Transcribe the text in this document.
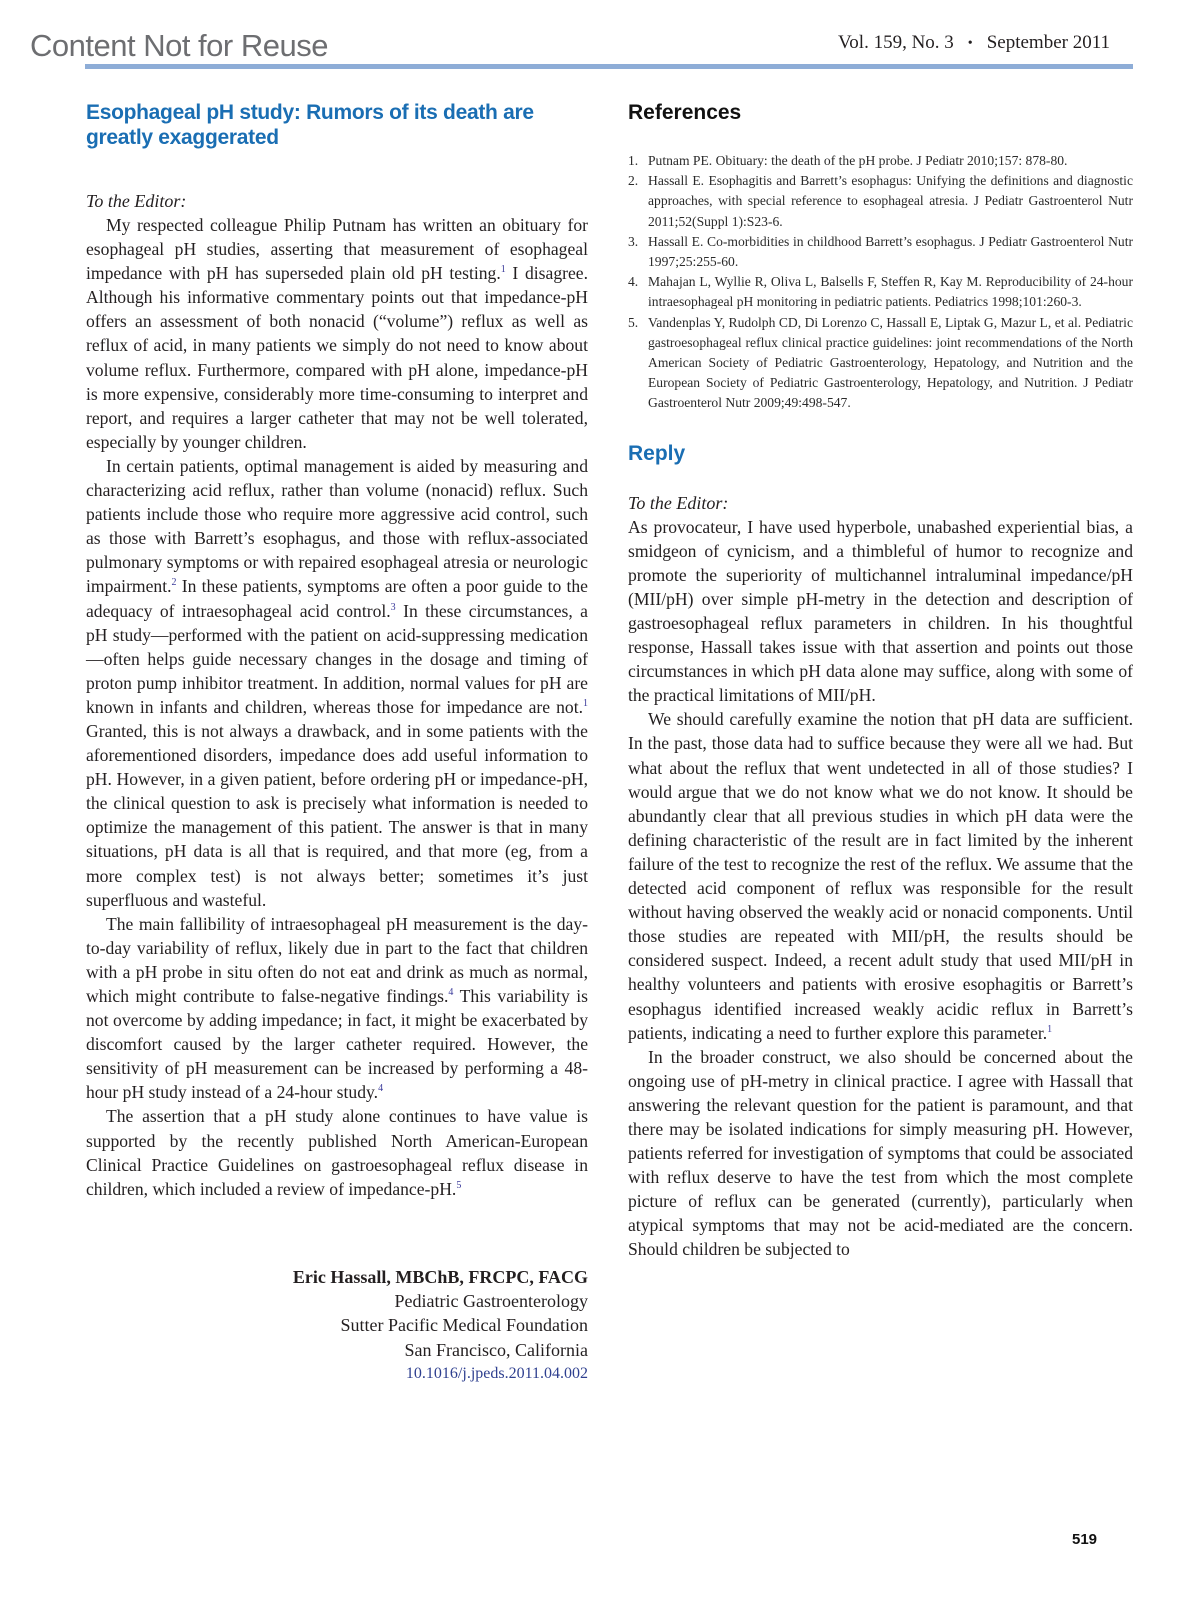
Content Not for Reuse	Vol. 159, No. 3 • September 2011
Esophageal pH study: Rumors of its death are greatly exaggerated

To the Editor:

My respected colleague Philip Putnam has written an obituary for esophageal pH studies, asserting that measurement of esophageal impedance with pH has superseded plain old pH testing.$^1$ I disagree. Although his informative commentary points out that impedance-pH offers an assessment of both nonacid (“volume”) reflux as well as reflux of acid, in many patients we simply do not need to know about volume reflux. Furthermore, compared with pH alone, impedance-pH is more expensive, considerably more time-consuming to interpret and report, and requires a larger catheter that may not be well tolerated, especially by younger children.

In certain patients, optimal management is aided by measuring and characterizing acid reflux, rather than volume (nonacid) reflux. Such patients include those who require more aggressive acid control, such as those with Barrett’s esophagus, and those with reflux-associated pulmonary symptoms or with repaired esophageal atresia or neurologic impairment.$^2$ In these patients, symptoms are often a poor guide to the adequacy of intraesophageal acid control.$^3$ In these circumstances, a pH study—performed with the patient on acid-suppressing medication—often helps guide necessary changes in the dosage and timing of proton pump inhibitor treatment. In addition, normal values for pH are known in infants and children, whereas those for impedance are not.$^1$ Granted, this is not always a drawback, and in some patients with the aforementioned disorders, impedance does add useful information to pH. However, in a given patient, before ordering pH or impedance-pH, the clinical question to ask is precisely what information is needed to optimize the management of this patient. The answer is that in many situations, pH data is all that is required, and that more (eg, from a more complex test) is not always better; sometimes it’s just superfluous and wasteful.

The main fallibility of intraesophageal pH measurement is the day-to-day variability of reflux, likely due in part to the fact that children with a pH probe in situ often do not eat and drink as much as normal, which might contribute to false-negative findings.$^4$ This variability is not overcome by adding impedance; in fact, it might be exacerbated by discomfort caused by the larger catheter required. However, the sensitivity of pH measurement can be increased by performing a 48-hour pH study instead of a 24-hour study.$^4$

The assertion that a pH study alone continues to have value is supported by the recently published North American-European Clinical Practice Guidelines on gastroesophageal reflux disease in children, which included a review of impedance-pH.$^5$

Eric Hassall, MBChB, FRCPC, FACG
Pediatric Gastroenterology
Sutter Pacific Medical Foundation
San Francisco, California
10.1016/j.jpeds.2011.04.002
References
1. Putnam PE. Obituary: the death of the pH probe. J Pediatr 2010;157: 878-80.
2. Hassall E. Esophagitis and Barrett’s esophagus: Unifying the definitions and diagnostic approaches, with special reference to esophageal atresia. J Pediatr Gastroenterol Nutr 2011;52(Suppl 1):S23-6.
3. Hassall E. Co-morbidities in childhood Barrett’s esophagus. J Pediatr Gastroenterol Nutr 1997;25:255-60.
4. Mahajan L, Wyllie R, Oliva L, Balsells F, Steffen R, Kay M. Reproducibility of 24-hour intraesophageal pH monitoring in pediatric patients. Pediatrics 1998;101:260-3.
5. Vandenplas Y, Rudolph CD, Di Lorenzo C, Hassall E, Liptak G, Mazur L, et al. Pediatric gastroesophageal reflux clinical practice guidelines: joint recommendations of the North American Society of Pediatric Gastroenterology, Hepatology, and Nutrition and the European Society of Pediatric Gastroenterology, Hepatology, and Nutrition. J Pediatr Gastroenterol Nutr 2009;49:498-547.
Reply

To the Editor:

As provocateur, I have used hyperbole, unabashed experiential bias, a smidgeon of cynicism, and a thimbleful of humor to recognize and promote the superiority of multichannel intraluminal impedance/pH (MII/pH) over simple pH-metry in the detection and description of gastroesophageal reflux parameters in children. In his thoughtful response, Hassall takes issue with that assertion and points out those circumstances in which pH data alone may suffice, along with some of the practical limitations of MII/pH.

We should carefully examine the notion that pH data are sufficient. In the past, those data had to suffice because they were all we had. But what about the reflux that went undetected in all of those studies? I would argue that we do not know what we do not know. It should be abundantly clear that all previous studies in which pH data were the defining characteristic of the result are in fact limited by the inherent failure of the test to recognize the rest of the reflux. We assume that the detected acid component of reflux was responsible for the result without having observed the weakly acid or nonacid components. Until those studies are repeated with MII/pH, the results should be considered suspect. Indeed, a recent adult study that used MII/pH in healthy volunteers and patients with erosive esophagitis or Barrett’s esophagus identified increased weakly acidic reflux in Barrett’s patients, indicating a need to further explore this parameter.$^1$

In the broader construct, we also should be concerned about the ongoing use of pH-metry in clinical practice. I agree with Hassall that answering the relevant question for the patient is paramount, and that there may be isolated indications for simply measuring pH. However, patients referred for investigation of symptoms that could be associated with reflux deserve to have the test from which the most complete picture of reflux can be generated (currently), particularly when atypical symptoms that may not be acid-mediated are the concern. Should children be subjected to

519
